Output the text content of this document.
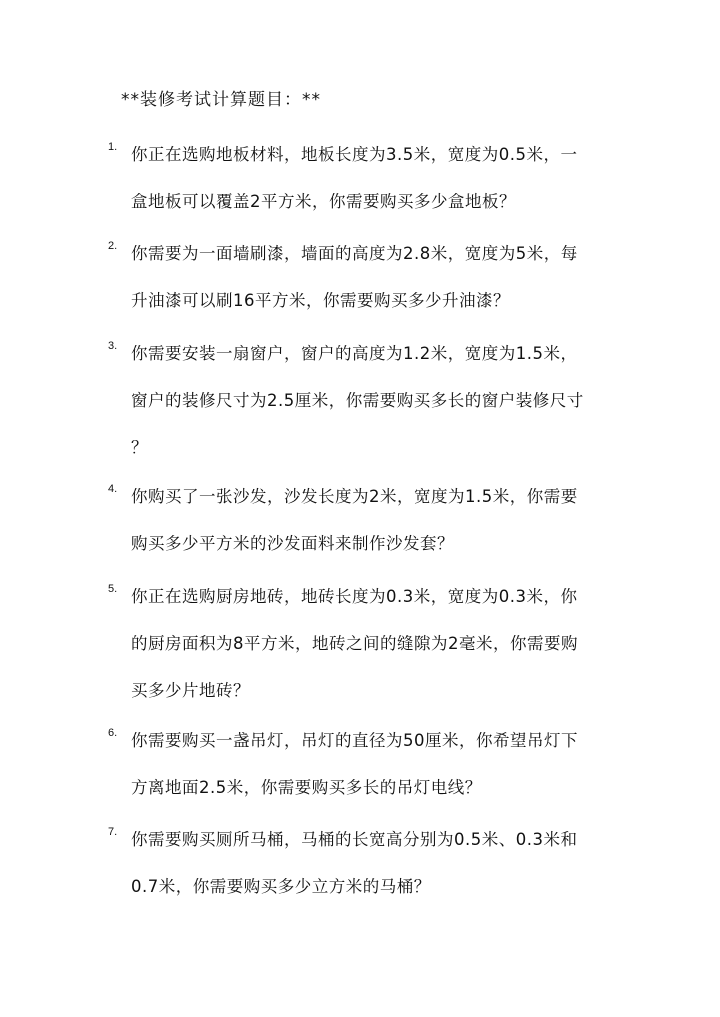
**装修考试计算题目：**
1. 你正在选购地板材料，地板长度为3.5米，宽度为0.5米，一
盒地板可以覆盖2平方米，你需要购买多少盒地板？
2. 你需要为一面墙刷漆，墙面的高度为2.8米，宽度为5米，每
升油漆可以刷16平方米，你需要购买多少升油漆？
3. 你需要安装一扇窗户，窗户的高度为1.2米，宽度为1.5米，
窗户的装修尺寸为2.5厘米，你需要购买多长的窗户装修尺寸
？
4. 你购买了一张沙发，沙发长度为2米，宽度为1.5米，你需要
购买多少平方米的沙发面料来制作沙发套？
5. 你正在选购厨房地砖，地砖长度为0.3米，宽度为0.3米，你
的厨房面积为8平方米，地砖之间的缝隙为2毫米，你需要购
买多少片地砖？
6. 你需要购买一盏吊灯，吊灯的直径为50厘米，你希望吊灯下
方离地面2.5米，你需要购买多长的吊灯电线？
7. 你需要购买厕所马桶，马桶的长宽高分别为0.5米、0.3米和
0.7米，你需要购买多少立方米的马桶？
